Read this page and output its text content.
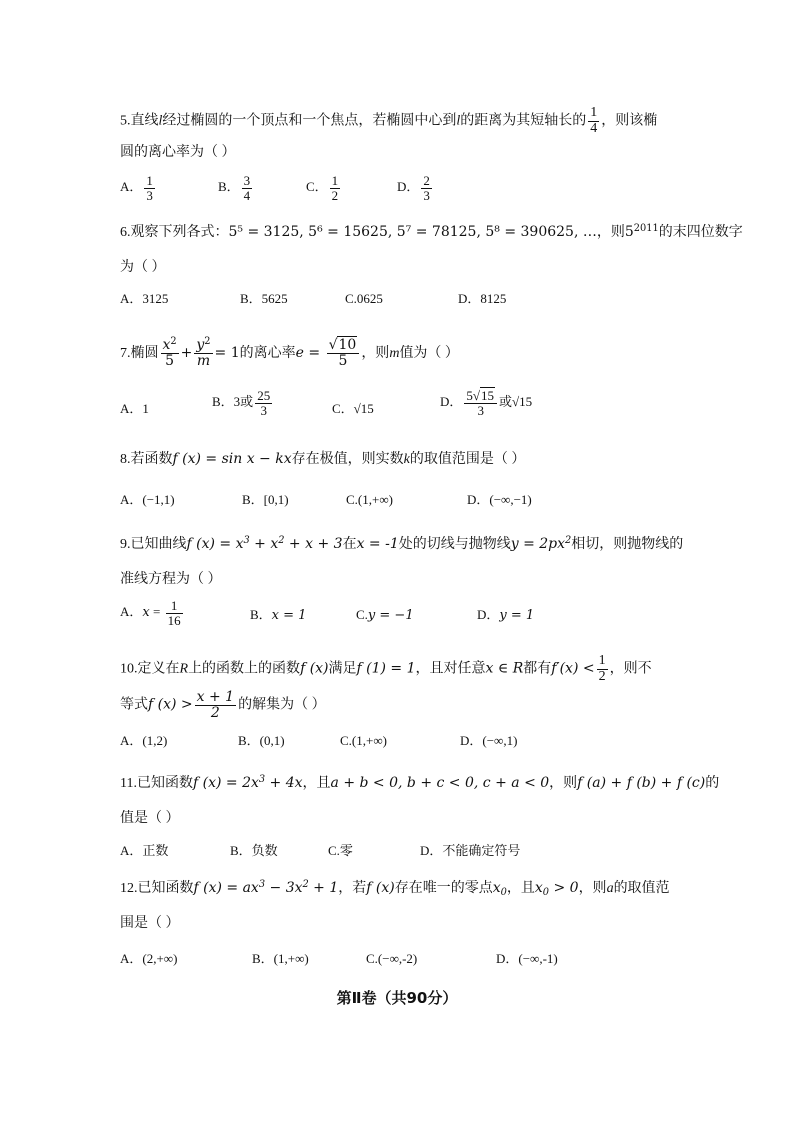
5.直线l经过椭圆的一个顶点和一个焦点，若椭圆中心到l的距离为其短轴长的 $\frac{1}{4}$ ，则该椭
圆的离心率为（ ）
A． $\frac{1}{3}$	B． $\frac{3}{4}$	C． $\frac{1}{2}$	D． $\frac{2}{3}$
6.观察下列各式：5⁵ = 3125, 5⁶ = 15625, 5⁷ = 78125, 5⁸ = 390625, …，则$5^{2011}$的末四位数字
为（ ）
A．3125	B．5625	C.0625	D．8125
7.椭圆 $\frac{x^2}{5} + \frac{y^2}{m} = 1$的离心率$e = \frac{√10}{5}$ ，则m值为（ ）
A．1	B．3或 $\frac{25}{3}$	C．√15	D． $\frac{5√15}{3}$ 或√15
8.若函数f (x) = sin x − kx存在极值，则实数k的取值范围是（ ）
A．(−1,1)	B．[0,1)	C.(1,+∞)	D．(−∞,−1)
9.已知曲线f $(x) = x^3 + x^2 + x + 3$在x = -1处的切线与抛物线$y = 2px^2$相切，则抛物线的
准线方程为（ ）
A．$x = \frac{1}{16}$	B．x = 1	C.y = −1	D．y = 1
10.定义在R上的函数上的函数f (x)满足f (1) = 1，且对任意x ∈ R都有$f'(x) < \frac{1}{2}$ ，则不
等式f $(x) > \frac{x + 1}{2}$ 的解集为（ ）
A．(1,2)	B．(0,1)	C.(1,+∞)	D．(−∞,1)
11.已知函数f $(x) = 2x^3 + 4x$，且a + b < 0, b + c < 0, c + a < 0，则f (a) + f (b) + f (c)的
值是（ ）
A．正数	B．负数	C.零	D．不能确定符号
12.已知函数f $(x) = ax^3 - 3x^2 + 1$，若f (x)存在唯一的零点$x_0$，且$x_0 > 0$，则a的取值范
围是（ ）
A．(2,+∞)	B．(1,+∞)	C.(−∞,-2)	D．(−∞,-1)
第Ⅱ卷（共90分）
